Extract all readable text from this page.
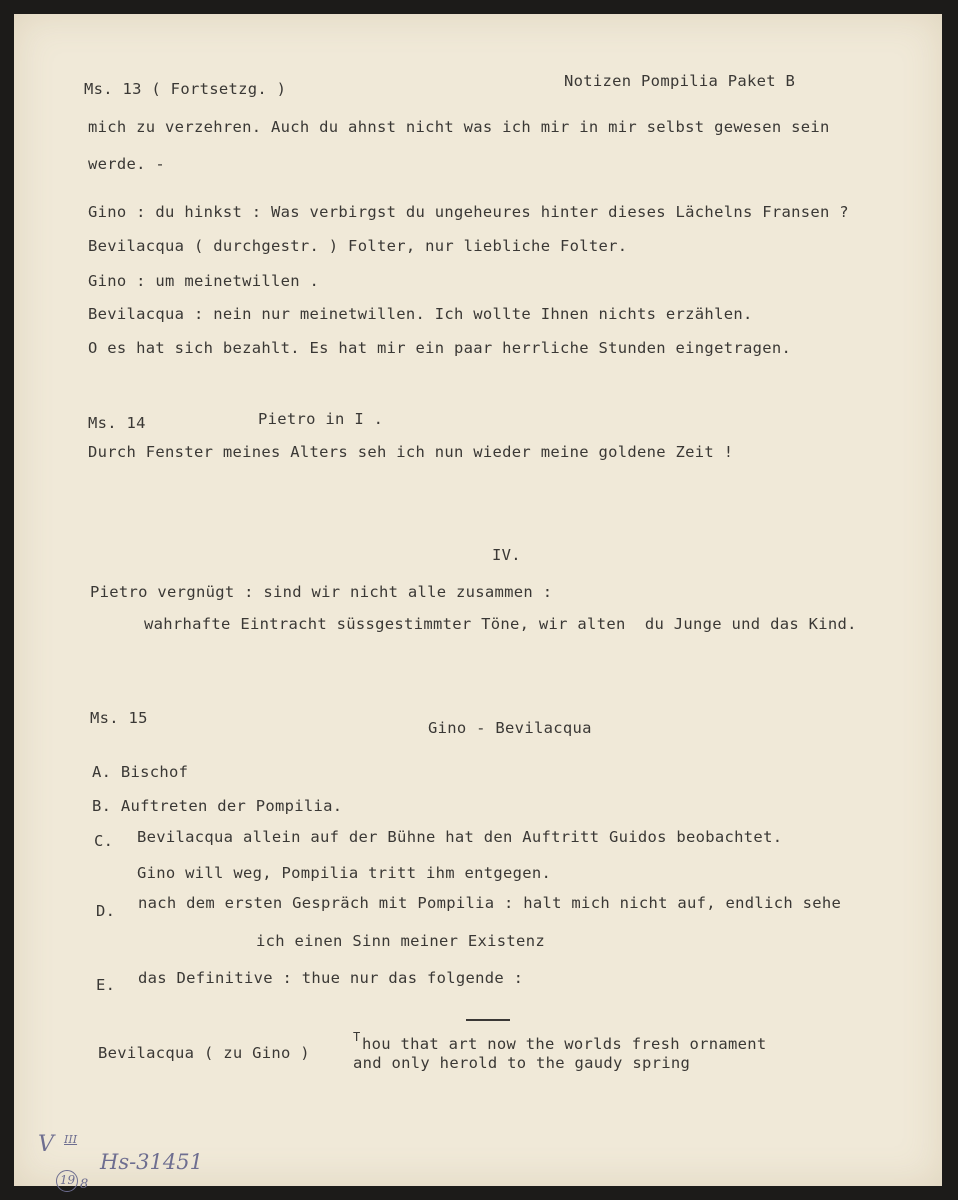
Ms. 13 ( Fortsetzg. )	Notizen Pompilia Paket B
mich zu verzehren. Auch du ahnst nicht was ich mir in mir selbst gewesen sein
werde. -
Gino : du hinkst : Was verbirgst du ungeheures hinter dieses Lächelns Fransen ?
Bevilacqua ( durchgestr. ) Folter, nur liebliche Folter.
Gino : um meinetwillen .
Bevilacqua : nein nur meinetwillen. Ich wollte Ihnen nichts erzählen.
O es hat sich bezahlt. Es hat mir ein paar herrliche Stunden eingetragen.
Ms. 14	Pietro in I .
Durch Fenster meines Alters seh ich nun wieder meine goldene Zeit !
IV.
Pietro vergnügt : sind wir nicht alle zusammen :
wahrhafte Eintracht süssgestimmter Töne, wir alten  du Junge und das Kind.
Ms. 15
Gino - Bevilacqua
A. Bischof
B. Auftreten der Pompilia.
C. Bevilacqua allein auf der Bühne hat den Auftritt Guidos beobachtet.
Gino will weg, Pompilia tritt ihm entgegen.
D. nach dem ersten Gespräch mit Pompilia : halt mich nicht auf, endlich sehe
ich einen Sinn meiner Existenz
E. das Definitive : thue nur das folgende :
Bevilacqua ( zu Gino )
T hou that art now the worlds fresh ornament
and only herold to the gaudy spring
V III
19 8
Hs-31451
